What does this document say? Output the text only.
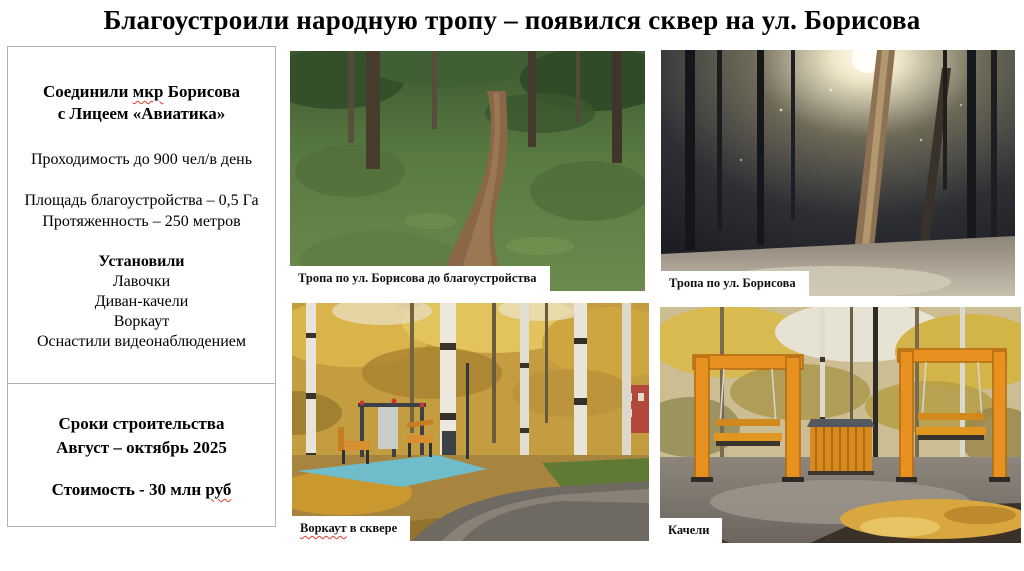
Благоустроили народную тропу – появился сквер на ул. Борисова
Соединили мкр Борисова
с Лицеем «Авиатика»
Проходимость до 900 чел/в день
Площадь благоустройства – 0,5 Га
Протяженность – 250 метров
Установили
Лавочки
Диван-качели
Воркаут
Оснастили видеонаблюдением
Сроки строительства
Август – октябрь 2025
Стоимость - 30 млн руб
Тропа по ул. Борисова до благоустройства	Тропа по ул. Борисова
Воркаут в сквере	Качели
